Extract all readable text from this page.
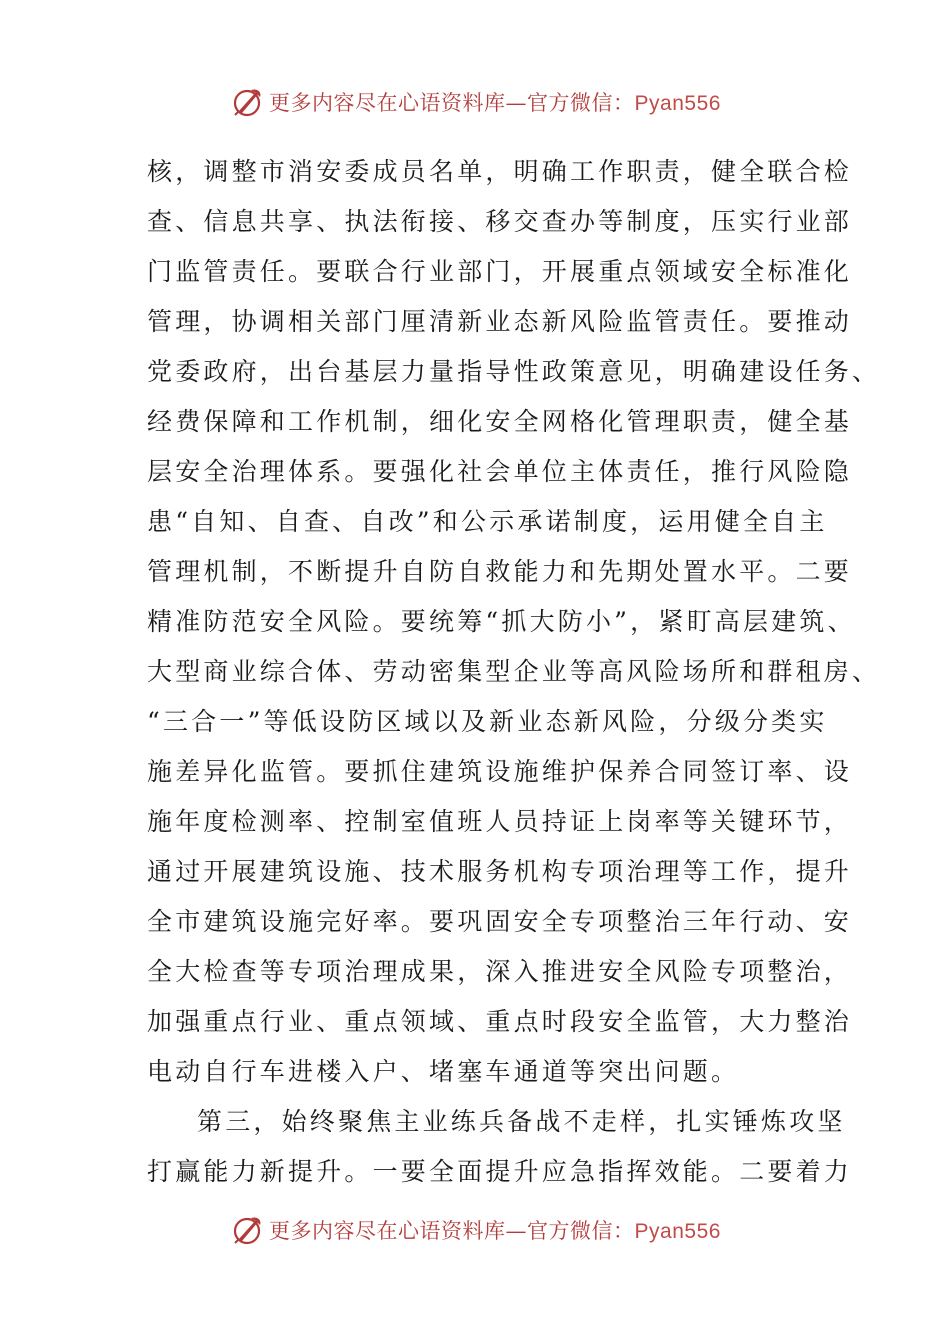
更多内容尽在心语资料库—官方微信：Pyan556
核，调整市消安委成员名单，明确工作职责，健全联合检
查、信息共享、执法衔接、移交查办等制度，压实行业部
门监管责任。要联合行业部门，开展重点领域安全标准化
管理，协调相关部门厘清新业态新风险监管责任。要推动
党委政府，出台基层力量指导性政策意见，明确建设任务、
经费保障和工作机制，细化安全网格化管理职责，健全基
层安全治理体系。要强化社会单位主体责任，推行风险隐
患“自知、自查、自改”和公示承诺制度，运用健全自主
管理机制，不断提升自防自救能力和先期处置水平。二要
精准防范安全风险。要统筹“抓大防小”，紧盯高层建筑、
大型商业综合体、劳动密集型企业等高风险场所和群租房、
“三合一”等低设防区域以及新业态新风险，分级分类实
施差异化监管。要抓住建筑设施维护保养合同签订率、设
施年度检测率、控制室值班人员持证上岗率等关键环节，
通过开展建筑设施、技术服务机构专项治理等工作，提升
全市建筑设施完好率。要巩固安全专项整治三年行动、安
全大检查等专项治理成果，深入推进安全风险专项整治，
加强重点行业、重点领域、重点时段安全监管，大力整治
电动自行车进楼入户、堵塞车通道等突出问题。
第三，始终聚焦主业练兵备战不走样，扎实锤炼攻坚
打赢能力新提升。一要全面提升应急指挥效能。二要着力
更多内容尽在心语资料库—官方微信：Pyan556
